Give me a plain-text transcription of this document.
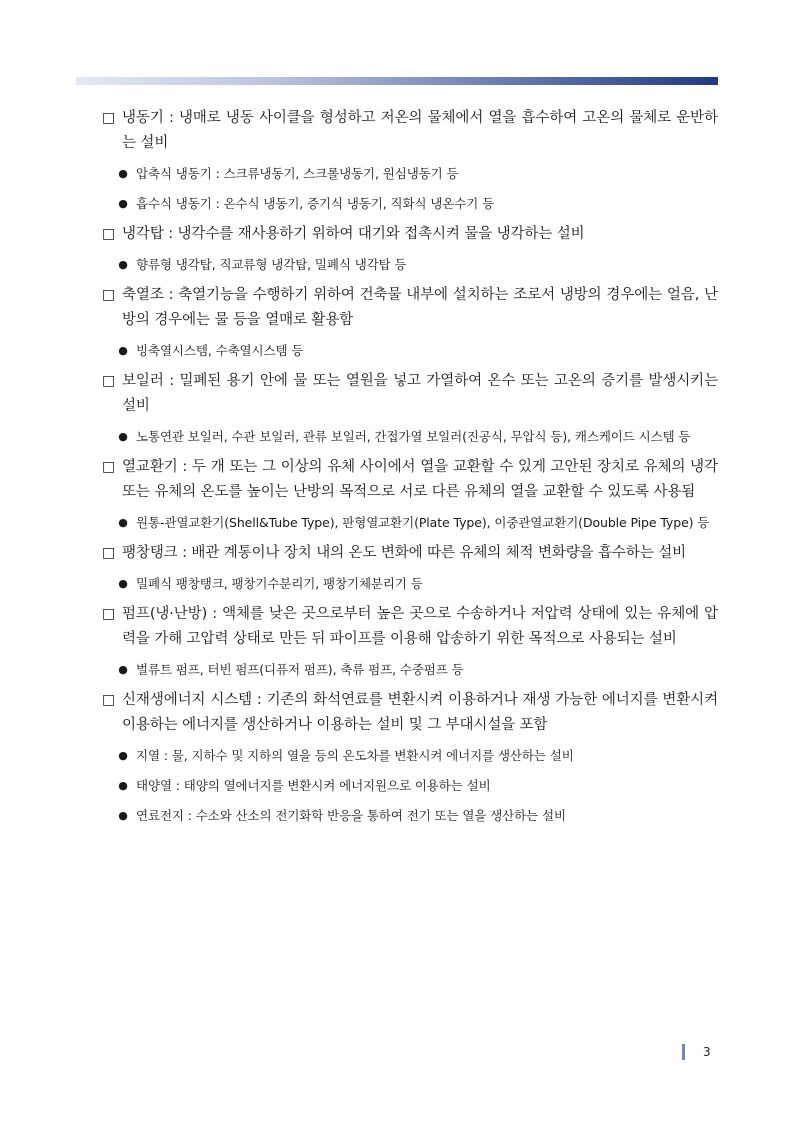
□ 냉동기 : 냉매로 냉동 사이클을 형성하고 저온의 물체에서 열을 흡수하여 고온의 물체로 운반하는 설비
● 압축식 냉동기 : 스크류냉동기, 스크롤냉동기, 원심냉동기 등
● 흡수식 냉동기 : 온수식 냉동기, 증기식 냉동기, 직화식 냉온수기 등
□ 냉각탑 : 냉각수를 재사용하기 위하여 대기와 접촉시켜 물을 냉각하는 설비
● 향류형 냉각탑, 직교류형 냉각탑, 밀폐식 냉각탑 등
□ 축열조 : 축열기능을 수행하기 위하여 건축물 내부에 설치하는 조로서 냉방의 경우에는 얼음, 난방의 경우에는 물 등을 열매로 활용함
● 빙축열시스템, 수축열시스템 등
□ 보일러 : 밀폐된 용기 안에 물 또는 열원을 넣고 가열하여 온수 또는 고온의 증기를 발생시키는 설비
● 노통연관 보일러, 수관 보일러, 관류 보일러, 간접가열 보일러(진공식, 무압식 등), 캐스케이드 시스템 등
□ 열교환기 : 두 개 또는 그 이상의 유체 사이에서 열을 교환할 수 있게 고안된 장치로 유체의 냉각 또는 유체의 온도를 높이는 난방의 목적으로 서로 다른 유체의 열을 교환할 수 있도록 사용됨
● 원통-관열교환기(Shell&Tube Type), 판형열교환기(Plate Type), 이중관열교환기(Double Pipe Type) 등
□ 팽창탱크 : 배관 계통이나 장치 내의 온도 변화에 따른 유체의 체적 변화량을 흡수하는 설비
● 밀폐식 팽창탱크, 팽창기수분리기, 팽창기체분리기 등
□ 펌프(냉·난방) : 액체를 낮은 곳으로부터 높은 곳으로 수송하거나 저압력 상태에 있는 유체에 압력을 가해 고압력 상태로 만든 뒤 파이프를 이용해 압송하기 위한 목적으로 사용되는 설비
● 벌류트 펌프, 터빈 펌프(디퓨저 펌프), 축류 펌프, 수중펌프 등
□ 신재생에너지 시스템 : 기존의 화석연료를 변환시켜 이용하거나 재생 가능한 에너지를 변환시켜 이용하는 에너지를 생산하거나 이용하는 설비 및 그 부대시설을 포함
● 지열 : 물, 지하수 및 지하의 열을 등의 온도차를 변환시켜 에너지를 생산하는 설비
● 태양열 : 태양의 열에너지를 변환시켜 에너지원으로 이용하는 설비
● 연료전지 : 수소와 산소의 전기화학 반응을 통하여 전기 또는 열을 생산하는 설비
3
